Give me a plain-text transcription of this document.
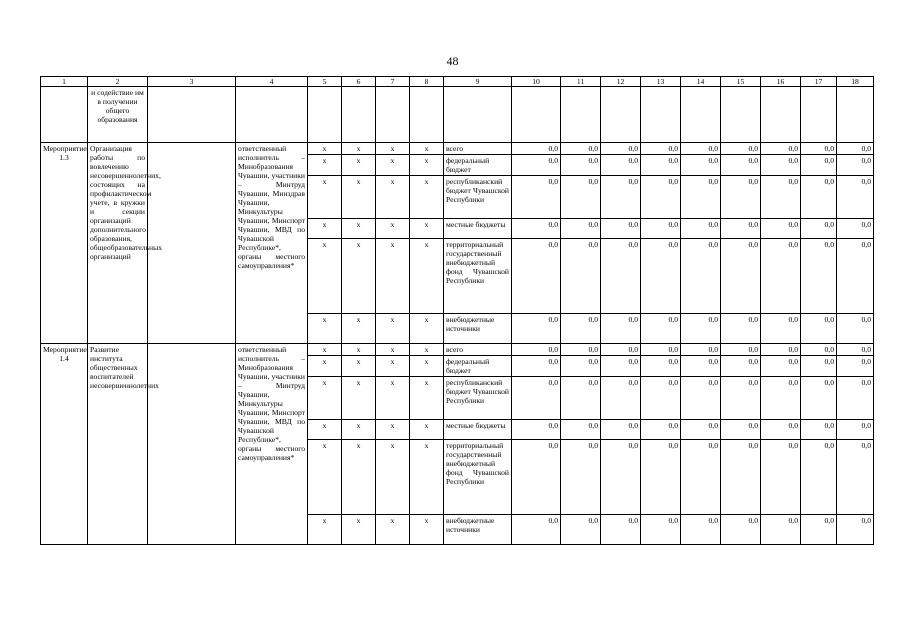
48
1	2	3	4	5	6	7	8	9	10	11	12	13	14	15	16	17	18
	и содействие им в получении общего образования																
Мероприятие 1.3	Организация работы по вовлечению несовершеннолетних, состоящих на профилактическом учете, в кружки и секции организаций дополнительного образования, общеобразовательных организаций		ответственный исполнитель – Минобразования Чувашии, участники – Минтруд Чувашии, Минздрав Чувашии, Минкультуры Чувашии, Минспорт Чувашии, МВД по Чувашской Республике*, органы местного самоуправления*	x	x	x	x	всего	0,0	0,0	0,0	0,0	0,0	0,0	0,0	0,0	0,0
				x	x	x	x	федеральный бюджет	0,0	0,0	0,0	0,0	0,0	0,0	0,0	0,0	0,0
				x	x	x	x	республиканский бюджет Чувашской Республики	0,0	0,0	0,0	0,0	0,0	0,0	0,0	0,0	0,0
				x	x	x	x	местные бюджеты	0,0	0,0	0,0	0,0	0,0	0,0	0,0	0,0	0,0
				x	x	x	x	территориальный государственный внебюджетный фонд Чувашской Республики	0,0	0,0	0,0	0,0	0,0	0,0	0,0	0,0	0,0
				x	x	x	x	внебюджетные источники	0,0	0,0	0,0	0,0	0,0	0,0	0,0	0,0	0,0
Мероприятие 1.4	Развитие института общественных воспитателей несовершеннолетних		ответственный исполнитель – Минобразования Чувашии, участники – Минтруд Чувашии, Минкультуры Чувашии, Минспорт Чувашии, МВД по Чувашской Республике*, органы местного самоуправления*	x	x	x	x	всего	0,0	0,0	0,0	0,0	0,0	0,0	0,0	0,0	0,0
				x	x	x	x	федеральный бюджет	0,0	0,0	0,0	0,0	0,0	0,0	0,0	0,0	0,0
				x	x	x	x	республиканский бюджет Чувашской Республики	0,0	0,0	0,0	0,0	0,0	0,0	0,0	0,0	0,0
				x	x	x	x	местные бюджеты	0,0	0,0	0,0	0,0	0,0	0,0	0,0	0,0	0,0
				x	x	x	x	территориальный государственный внебюджетный фонд Чувашской Республики	0,0	0,0	0,0	0,0	0,0	0,0	0,0	0,0	0,0
				x	x	x	x	внебюджетные источники	0,0	0,0	0,0	0,0	0,0	0,0	0,0	0,0	0,0
